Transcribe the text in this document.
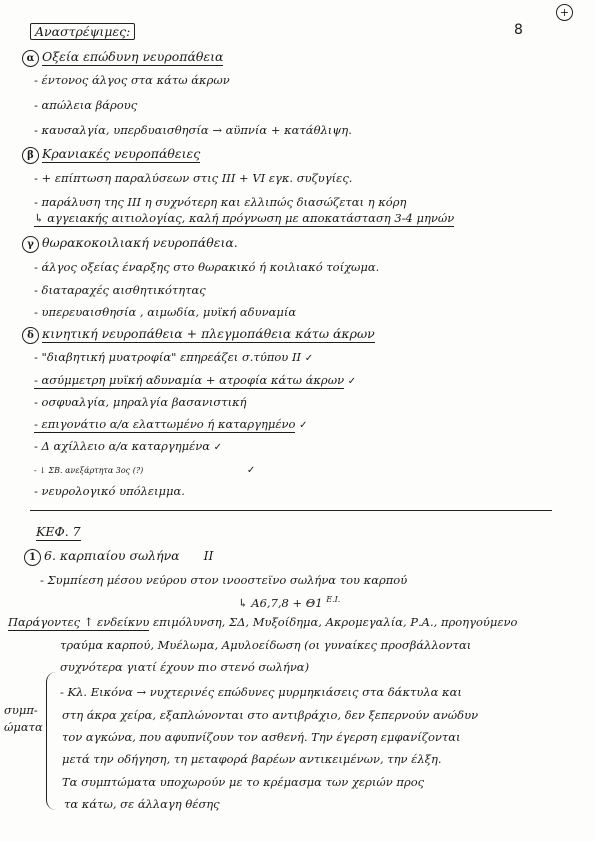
+
8
Αναστρέψιμες:
α Οξεία επώδυνη νευροπάθεια
- έντονος άλγος στα κάτω άκρων
- απώλεια βάρους
- καυσαλγία, υπερδυαισθησία → αϋπνία + κατάθλιψη.
β Κρανιακές νευροπάθειες
- + επίπτωση παραλύσεων στις III + VI εγκ. συζυγίες.
- παράλυση της III η συχνότερη και ελλιπώς διασώζεται η κόρη
↳ αγγειακής αιτιολογίας, καλή πρόγνωση με αποκατάσταση 3-4 μηνών
γ θωρακοκοιλιακή νευροπάθεια.
- άλγος οξείας έναρξης στο θωρακικό ή κοιλιακό τοίχωμα.
- διαταραχές αισθητικότητας
- υπερευαισθησία , αιμωδία, μυϊκή αδυναμία
δ κινητική νευροπάθεια + πλεγμοπάθεια κάτω άκρων
- "διαβητική μυατροφία" επηρεάζει σ.τύπου II ✓
- ασύμμετρη μυϊκή αδυναμία + ατροφία κάτω άκρων ✓
- οσφυαλγία, μηραλγία βασανιστική
- επιγονάτιο α/α ελαττωμένο ή καταργημένο ✓
- Δ αχίλλειο α/α καταργημένα ✓
- ↓ ΣΒ. ανεξάρτητα 3ος (?)	✓
- νευρολογικό υπόλειμμα.
ΚΕΦ. 7
1 6. καρπιαίου σωλήνα II
- Συμπίεση μέσου νεύρου στον ινοοστεϊνο σωλήνα του καρπού
↳ A6,7,8 + Θ1 $^{E.I.}$
Παράγοντες ↑ ενδείκνυ επιμόλυνση, ΣΔ, Μυξοίδημα, Ακρομεγαλία, Ρ.Α., προηγούμενο
τραύμα καρπού, Μυέλωμα, Αμυλοείδωση (οι γυναίκες προσβάλλονται
συχνότερα γιατί έχουν πιο στενό σωλήνα)
συμπ-
ώματα
- Κλ. Εικόνα → νυχτερινές επώδυνες μυρμηκιάσεις στα δάκτυλα και
στη άκρα χείρα, εξαπλώνονται στο αντιβράχιο, δεν ξεπερνούν ανώδυν
τον αγκώνα, που αφυπνίζουν τον ασθενή. Την έγερση εμφανίζονται
μετά την οδήγηση, τη μεταφορά βαρέων αντικειμένων, την έλξη.
Τα συμπτώματα υποχωρούν με το κρέμασμα των χεριών προς
τα κάτω, σε άλλαγη θέσης
